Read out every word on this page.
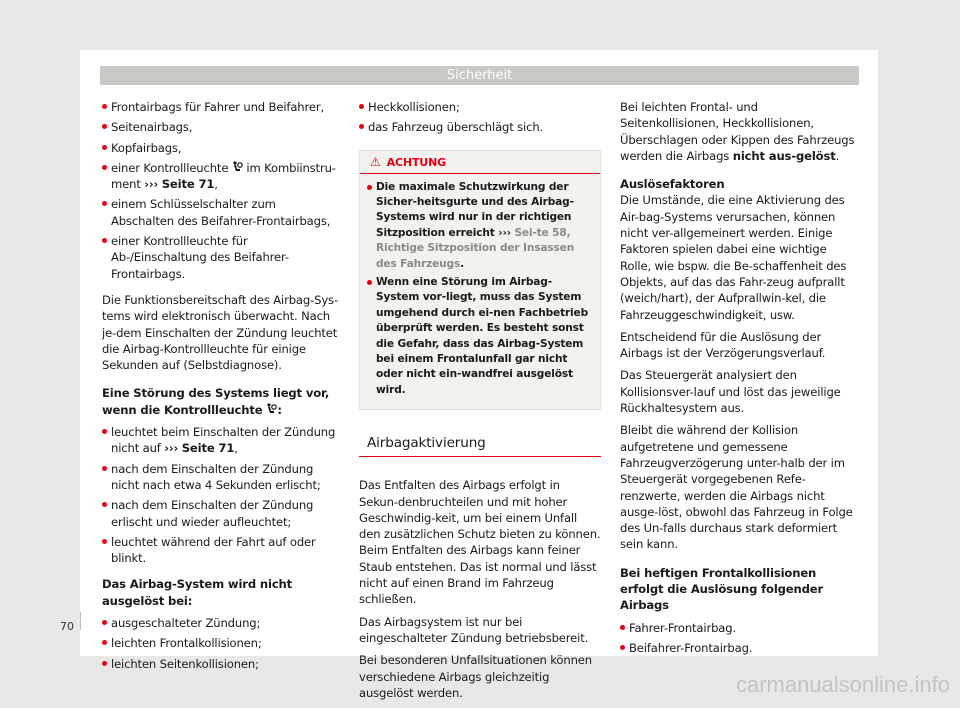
Sicherheit
Frontairbags für Fahrer und Beifahrer,
Seitenairbags,
Kopfairbags,
einer Kontrollleuchte im Kombiinstru-ment ››› Seite 71,
einem Schlüsselschalter zum Abschalten des Beifahrer-Frontairbags,
einer Kontrollleuchte für Ab-/Einschaltung des Beifahrer-Frontairbags.
Die Funktionsbereitschaft des Airbag-Sys-tems wird elektronisch überwacht. Nach je-dem Einschalten der Zündung leuchtet die Airbag-Kontrollleuchte für einige Sekunden auf (Selbstdiagnose).
Eine Störung des Systems liegt vor, wenn die Kontrollleuchte :
leuchtet beim Einschalten der Zündung nicht auf ››› Seite 71,
nach dem Einschalten der Zündung nicht nach etwa 4 Sekunden erlischt;
nach dem Einschalten der Zündung erlischt und wieder aufleuchtet;
leuchtet während der Fahrt auf oder blinkt.
Das Airbag-System wird nicht ausgelöst bei:
ausgeschalteter Zündung;
leichten Frontalkollisionen;
leichten Seitenkollisionen;
Heckkollisionen;
das Fahrzeug überschlägt sich.
⚠ ACHTUNG
Die maximale Schutzwirkung der Sicher-heitsgurte und des Airbag-Systems wird nur in der richtigen Sitzposition erreicht ››› Sei-te 58, Richtige Sitzposition der Insassen des Fahrzeugs.
Wenn eine Störung im Airbag-System vor-liegt, muss das System umgehend durch ei-nen Fachbetrieb überprüft werden. Es besteht sonst die Gefahr, dass das Airbag-System bei einem Frontalunfall gar nicht oder nicht ein-wandfrei ausgelöst wird.
Airbagaktivierung
Das Entfalten des Airbags erfolgt in Sekun-denbruchteilen und mit hoher Geschwindig-keit, um bei einem Unfall den zusätzlichen Schutz bieten zu können. Beim Entfalten des Airbags kann feiner Staub entstehen. Das ist normal und lässt nicht auf einen Brand im Fahrzeug schließen.
Das Airbagsystem ist nur bei eingeschalteter Zündung betriebsbereit.
Bei besonderen Unfallsituationen können verschiedene Airbags gleichzeitig ausgelöst werden.
Bei leichten Frontal- und Seitenkollisionen, Heckkollisionen, Überschlagen oder Kippen des Fahrzeugs werden die Airbags nicht aus-gelöst.
Auslösefaktoren
Die Umstände, die eine Aktivierung des Air-bag-Systems verursachen, können nicht ver-allgemeinert werden. Einige Faktoren spielen dabei eine wichtige Rolle, wie bspw. die Be-schaffenheit des Objekts, auf das das Fahr-zeug aufprallt (weich/hart), der Aufprallwin-kel, die Fahrzeuggeschwindigkeit, usw.
Entscheidend für die Auslösung der Airbags ist der Verzögerungsverlauf.
Das Steuergerät analysiert den Kollisionsver-lauf und löst das jeweilige Rückhaltesystem aus.
Bleibt die während der Kollision aufgetretene und gemessene Fahrzeugverzögerung unter-halb der im Steuergerät vorgegebenen Refe-renzwerte, werden die Airbags nicht ausge-löst, obwohl das Fahrzeug in Folge des Un-falls durchaus stark deformiert sein kann.
Bei heftigen Frontalkollisionen erfolgt die Auslösung folgender Airbags
Fahrer-Frontairbag.
Beifahrer-Frontairbag.
70
carmanualsonline.info
